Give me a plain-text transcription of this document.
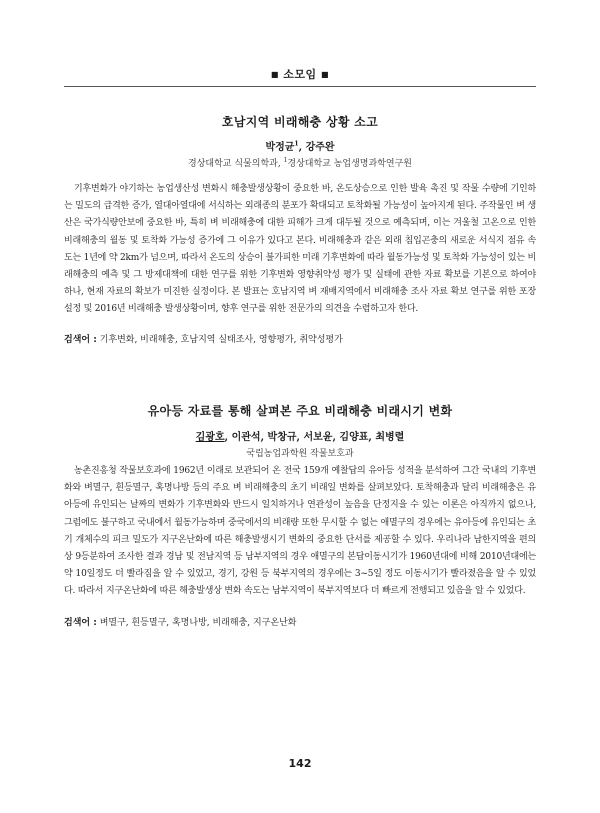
■ 소모임 ■
호남지역 비래해충 상황 소고
박정균$^1$, 강주완
경상대학교 식물의학과, $^1$경상대학교 농업생명과학연구원
기후변화가 야기하는 농업생산성 변화시 해충발생상황이 중요한 바, 온도상승으로 인한 발육 촉진 및 작물 수량에 기인하는 밀도의 급격한 증가, 열대아열대에 서식하는 외래종의 분포가 확대되고 토착화될 가능성이 높아지게 된다. 주작물인 벼 생산은 국가식량안보에 중요한 바, 특히 벼 비래해충에 대한 피해가 크게 대두될 것으로 예측되며, 이는 겨울철 고온으로 인한 비래해충의 월동 및 토착화 가능성 증가에 그 이유가 있다고 본다. 비래해충과 같은 외래 침입곤충의 새로운 서식지 점유 속도는 1년에 약 2km가 넘으며, 따라서 온도의 상승이 불가피한 미래 기후변화에 따라 월동가능성 및 토착화 가능성이 있는 비래해충의 예측 및 그 방제대책에 대한 연구를 위한 기후변화 영향취약성 평가 및 실태에 관한 자료 확보를 기본으로 하여야 하나, 현재 자료의 확보가 미진한 실정이다. 본 발표는 호남지역 벼 재배지역에서 비래해충 조사 자료 확보 연구를 위한 포장 설정 및 2016년 비래해충 발생상황이며, 향후 연구를 위한 전문가의 의견을 수렴하고자 한다.
검색어 : 기후변화, 비래해충, 호남지역 실태조사, 영향평가, 취약성평가
유아등 자료를 통해 살펴본 주요 비래해충 비래시기 변화
김광호, 이관석, 박창규, 서보윤, 김양표, 최병렬
국립농업과학원 작물보호과
농촌진흥청 작물보호과에 1962년 이래로 보관되어 온 전국 159개 예찰답의 유아등 성적을 분석하여 그간 국내의 기후변화와 벼멸구, 흰등멸구, 혹명나방 등의 주요 벼 비래해충의 초기 비래일 변화를 살펴보았다. 토착해충과 달리 비래해충은 유아등에 유인되는 날짜의 변화가 기후변화와 반드시 일치하거나 연관성이 높음을 단정지을 수 있는 이론은 아직까지 없으나, 그럼에도 불구하고 국내에서 월동가능하며 중국에서의 비래량 또한 무시할 수 없는 애멸구의 경우에는 유아등에 유인되는 초기 개체수의 피크 밀도가 지구온난화에 따른 해충발생시기 변화의 중요한 단서를 제공할 수 있다. 우리나라 남한지역을 편의상 9등분하여 조사한 결과 경남 및 전남지역 등 남부지역의 경우 애멸구의 본답이동시기가 1960년대에 비해 2010년대에는 약 10일정도 더 빨라짐을 알 수 있었고, 경기, 강원 등 북부지역의 경우에는 3~5일 정도 이동시기가 빨라졌음을 알 수 있었다. 따라서 지구온난화에 따른 해충발생상 변화 속도는 남부지역이 북부지역보다 더 빠르게 전행되고 있음을 알 수 있었다.
검색어 : 벼멸구, 흰등멸구, 혹명나방, 비래해충, 지구온난화
142
